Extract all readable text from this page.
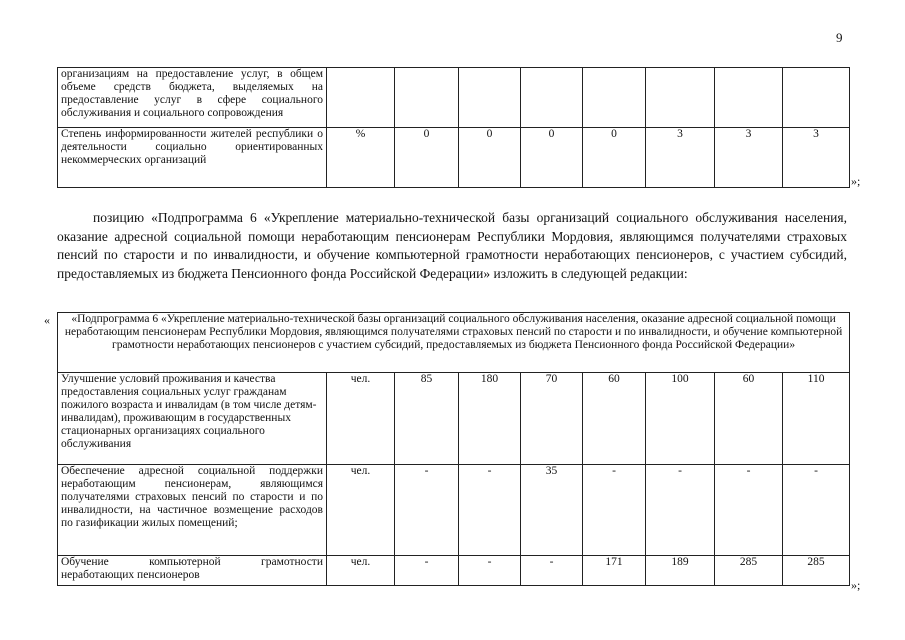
9
организациям на предоставление услуг, в общем объеме средств бюджета, выделяемых на предоставление услуг в сфере социального обслуживания и социального сопровождения								
Степень информированности жителей республики о деятельности социально ориентированных некоммерческих организаций	%	0	0	0	0	3	3	3
»;
позицию «Подпрограмма 6 «Укрепление материально-технической базы организаций социального обслуживания населения, оказание адресной социальной помощи неработающим пенсионерам Республики Мордовия, являющимся получателями страховых пенсий по старости и по инвалидности, и обучение компьютерной грамотности неработающих пенсионеров, с участием субсидий, предоставляемых из бюджета Пенсионного фонда Российской Федерации» изложить в следующей редакции:
« «Подпрограмма 6 «Укрепление материально-технической базы организаций социального обслуживания населения, оказание адресной социальной помощи неработающим пенсионерам Республики Мордовия, являющимся получателями страховых пенсий по старости и по инвалидности, и обучение компьютерной грамотности неработающих пенсионеров с участием субсидий, предоставляемых из бюджета Пенсионного фонда Российской Федерации»								
Улучшение условий проживания и качества предоставления социальных услуг гражданам пожилого возраста и инвалидам (в том числе детям-инвалидам), проживающим в государственных стационарных организациях социального обслуживания	чел.	85	180	70	60	100	60	110
Обеспечение адресной социальной поддержки неработающим пенсионерам, являющимся получателями страховых пенсий по старости и по инвалидности, на частичное возмещение расходов по газификации жилых помещений;	чел.	-	-	35	-	-	-	-
Обучение компьютерной грамотности неработающих пенсионеров	чел.	-	-	-	171	189	285	285
»;
